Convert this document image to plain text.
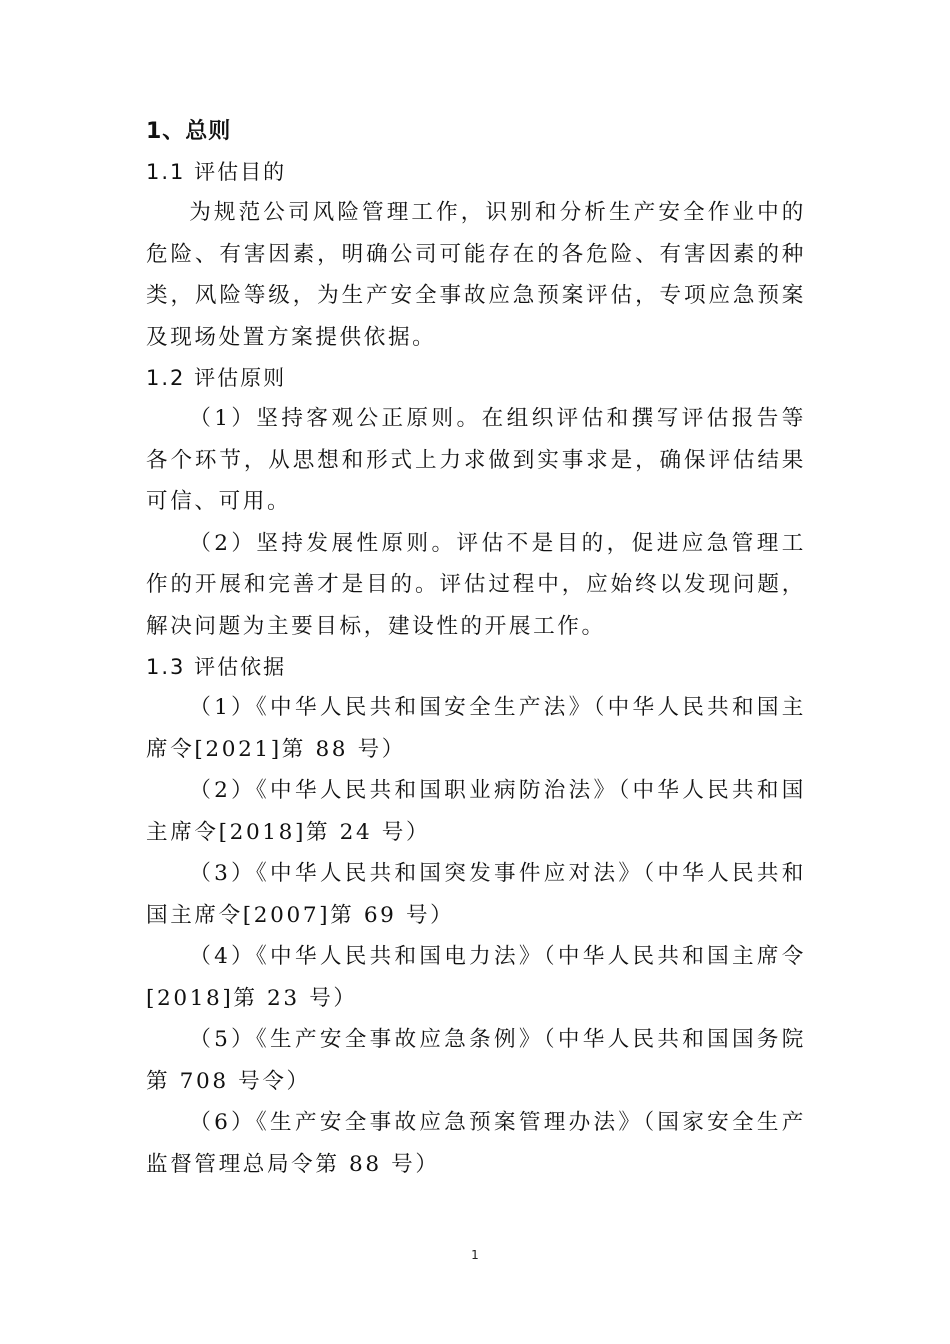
1、总则
1.1 评估目的

为规范公司风险管理工作，识别和分析生产安全作业中的危险、有害因素，明确公司可能存在的各危险、有害因素的种类，风险等级，为生产安全事故应急预案评估，专项应急预案及现场处置方案提供依据。

1.2 评估原则

（1）坚持客观公正原则。在组织评估和撰写评估报告等各个环节，从思想和形式上力求做到实事求是，确保评估结果可信、可用。

（2）坚持发展性原则。评估不是目的，促进应急管理工作的开展和完善才是目的。评估过程中，应始终以发现问题，解决问题为主要目标，建设性的开展工作。

1.3 评估依据

（1）《中华人民共和国安全生产法》（中华人民共和国主席令[2021]第 88 号）

（2）《中华人民共和国职业病防治法》（中华人民共和国主席令[2018]第 24 号）

（3）《中华人民共和国突发事件应对法》（中华人民共和国主席令[2007]第 69 号）

（4）《中华人民共和国电力法》（中华人民共和国主席令[2018]第 23 号）

（5）《生产安全事故应急条例》（中华人民共和国国务院第 708 号令）

（6）《生产安全事故应急预案管理办法》（国家安全生产监督管理总局令第 88 号）

1
